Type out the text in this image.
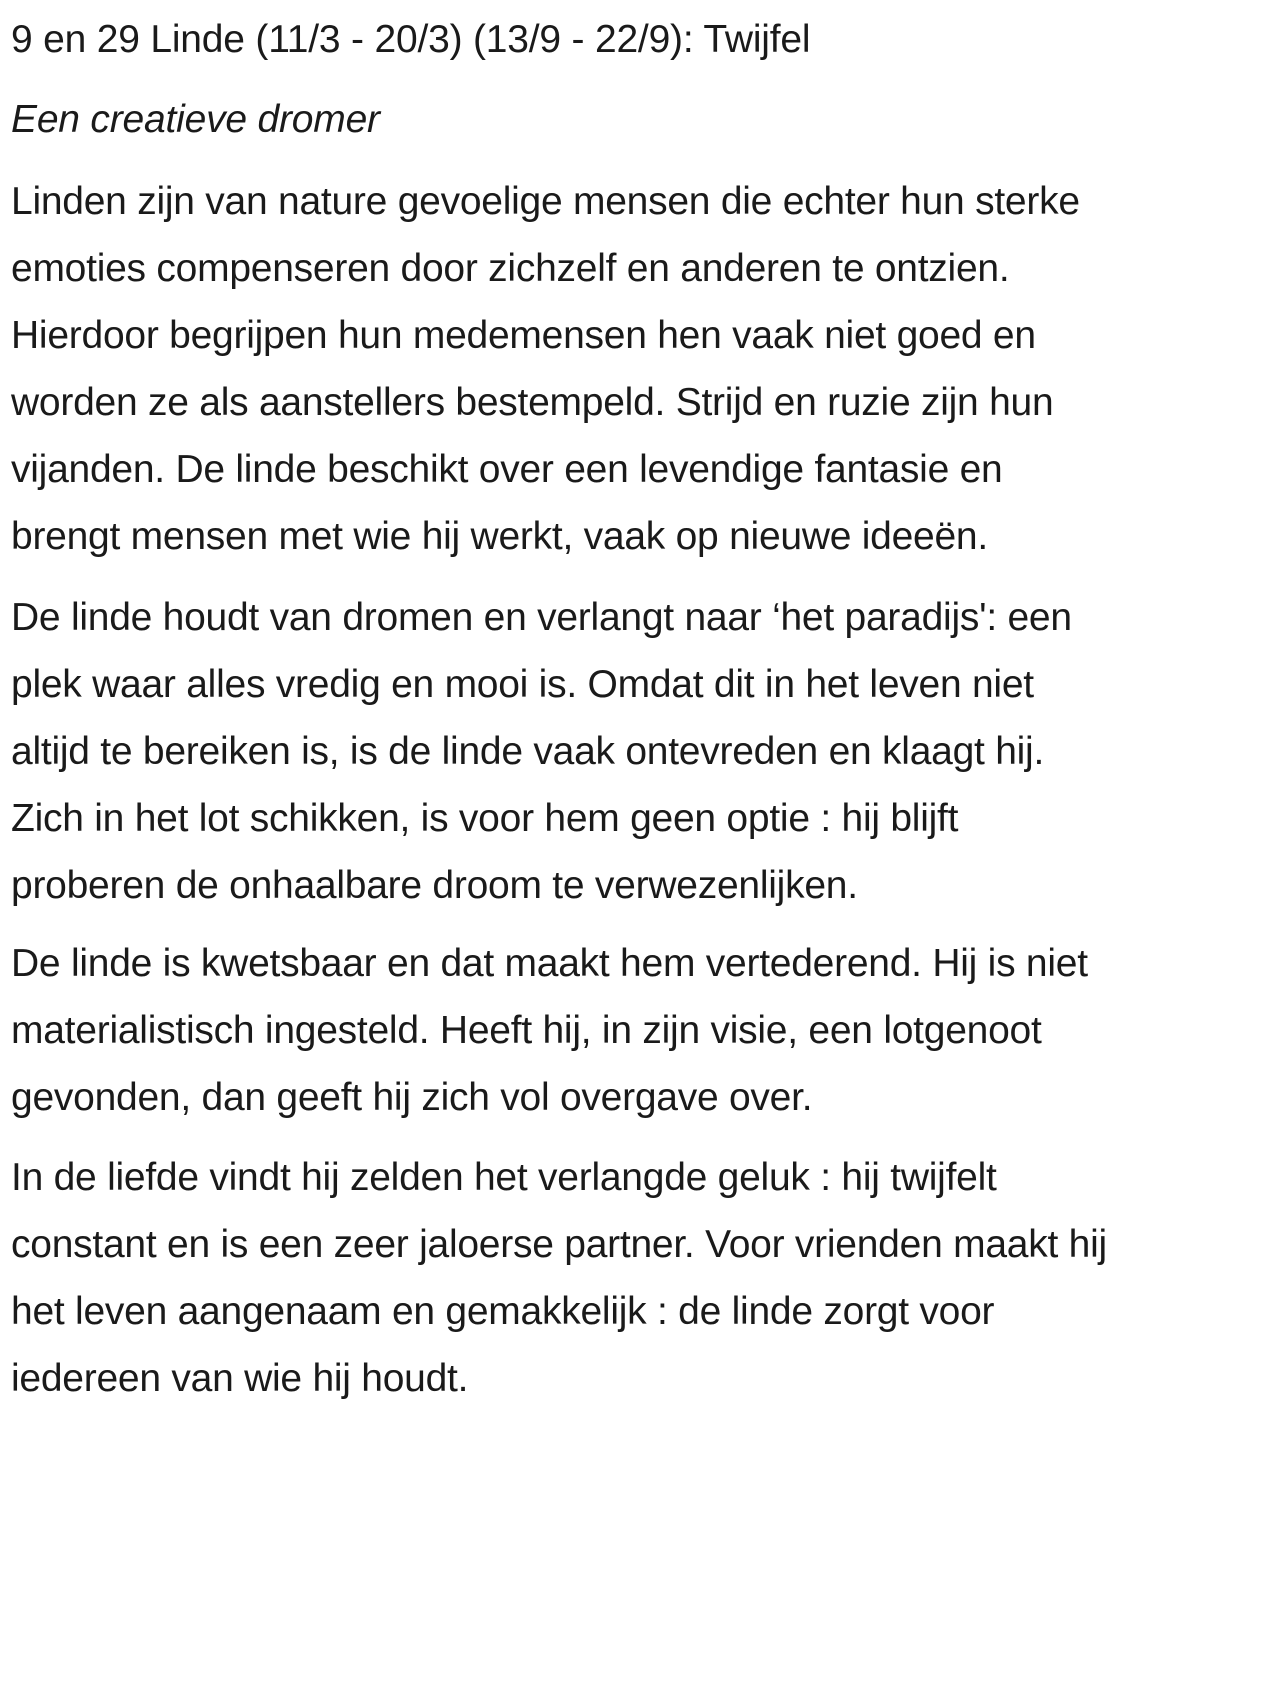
9 en 29 Linde (11/3 - 20/3) (13/9 - 22/9): Twijfel
Een creatieve dromer
Linden zijn van nature gevoelige mensen die echter hun sterke
emoties compenseren door zichzelf en anderen te ontzien.
Hierdoor begrijpen hun medemensen hen vaak niet goed en
worden ze als aanstellers bestempeld. Strijd en ruzie zijn hun
vijanden. De linde beschikt over een levendige fantasie en
brengt mensen met wie hij werkt, vaak op nieuwe ideeën.
De linde houdt van dromen en verlangt naar ‘het paradijs': een
plek waar alles vredig en mooi is. Omdat dit in het leven niet
altijd te bereiken is, is de linde vaak ontevreden en klaagt hij.
Zich in het lot schikken, is voor hem geen optie : hij blijft
proberen de onhaalbare droom te verwezenlijken.
De linde is kwetsbaar en dat maakt hem vertederend. Hij is niet
materialistisch ingesteld. Heeft hij, in zijn visie, een lotgenoot
gevonden, dan geeft hij zich vol overgave over.
In de liefde vindt hij zelden het verlangde geluk : hij twijfelt
constant en is een zeer jaloerse partner. Voor vrienden maakt hij
het leven aangenaam en gemakkelijk : de linde zorgt voor
iedereen van wie hij houdt.
